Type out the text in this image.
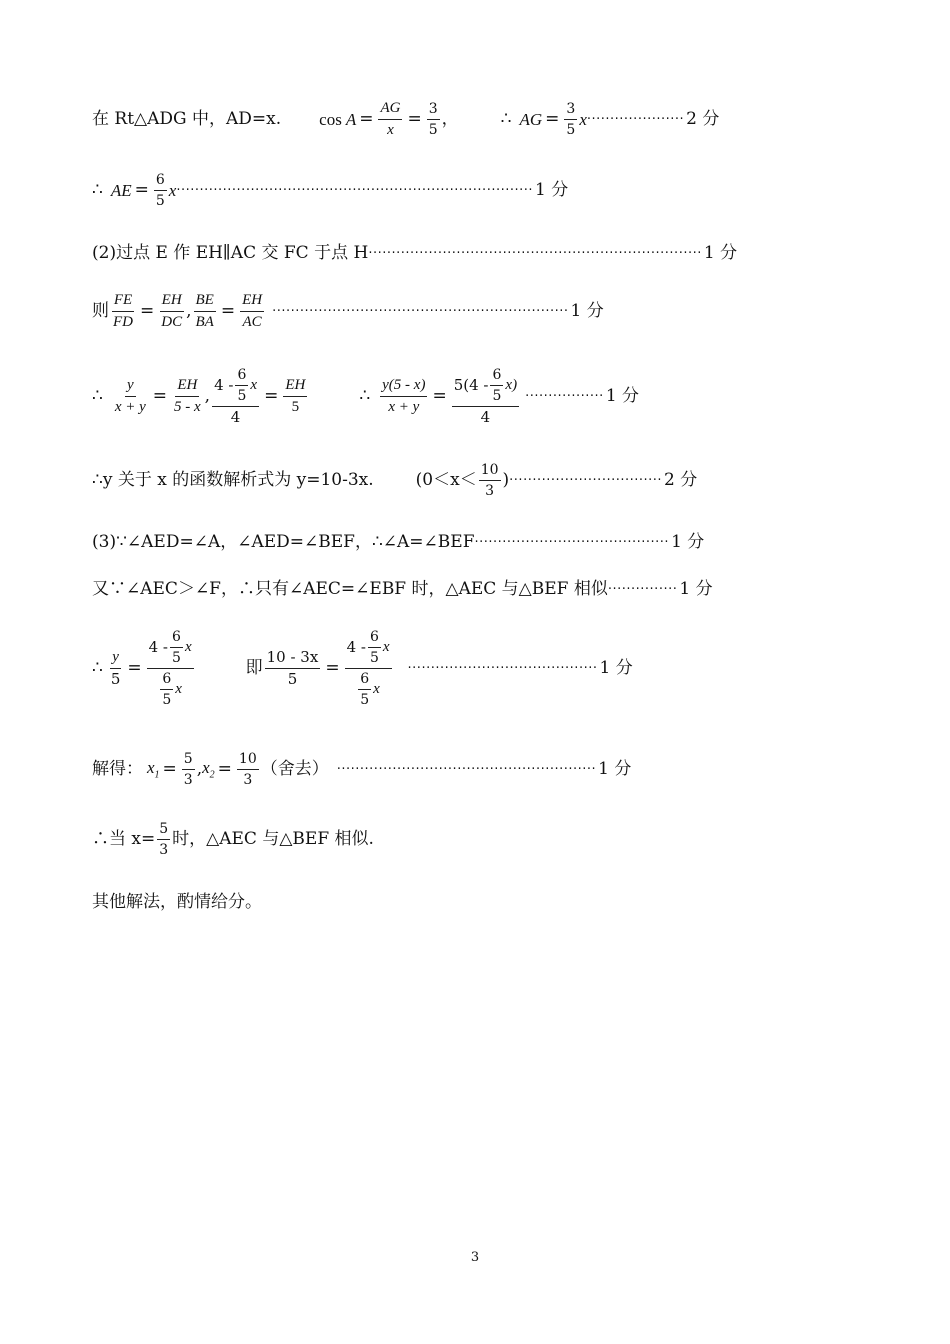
在 Rt△ADG 中，AD=x. $\cos A = \frac{AG}{x} = \frac{3}{5}$ ， ∴ AG = $\frac{3}{5}$ x ····················· 2 分
∴ AE = $\frac{6}{5}$ x ············································································· 1 分
(2)过点 E 作 EH∥AC 交 FC 于点 H ········································································ 1 分
则 $\frac{FE}{FD} = \frac{EH}{DC}$ , $\frac{BE}{BA} = \frac{EH}{AC}$ ································································ 1 分
∴ $\frac{y}{x + y} = \frac{EH}{5 - x}$ , $\frac{4 - \frac{6}{5} x}{4} = \frac{EH}{5}$	∴ $\frac{y(5 - x)}{x + y} = \frac{5(4 - \frac{6}{5} x)}{4}$ ················· 1 分
∴y 关于 x 的函数解析式为 y=10-3x. ($0<x< \frac{10}{3}$ ) ································· 2 分
(3)∵∠AED=∠A，∠AED=∠BEF，∴∠A=∠BEF ·········································· 1 分
又∵∠AEC＞∠F，∴只有∠AEC=∠EBF 时，△AEC 与△BEF 相似 ··············· 1 分
∴ $\frac{y}{5} = \frac{4 - \frac{6}{5} x}{\frac{6}{5} x}$	即 $\frac{10 - 3x}{5} = \frac{4 - \frac{6}{5} x}{\frac{6}{5} x}$ ········································· 1 分
解得： $x_1 = \frac{5}{3}$ , $x_2 = \frac{10}{3}$ （舍去） ························································ 1 分
∴当 $x= \frac{5}{3}$ 时，△AEC 与△BEF 相似.
其他解法，酌情给分。
3
